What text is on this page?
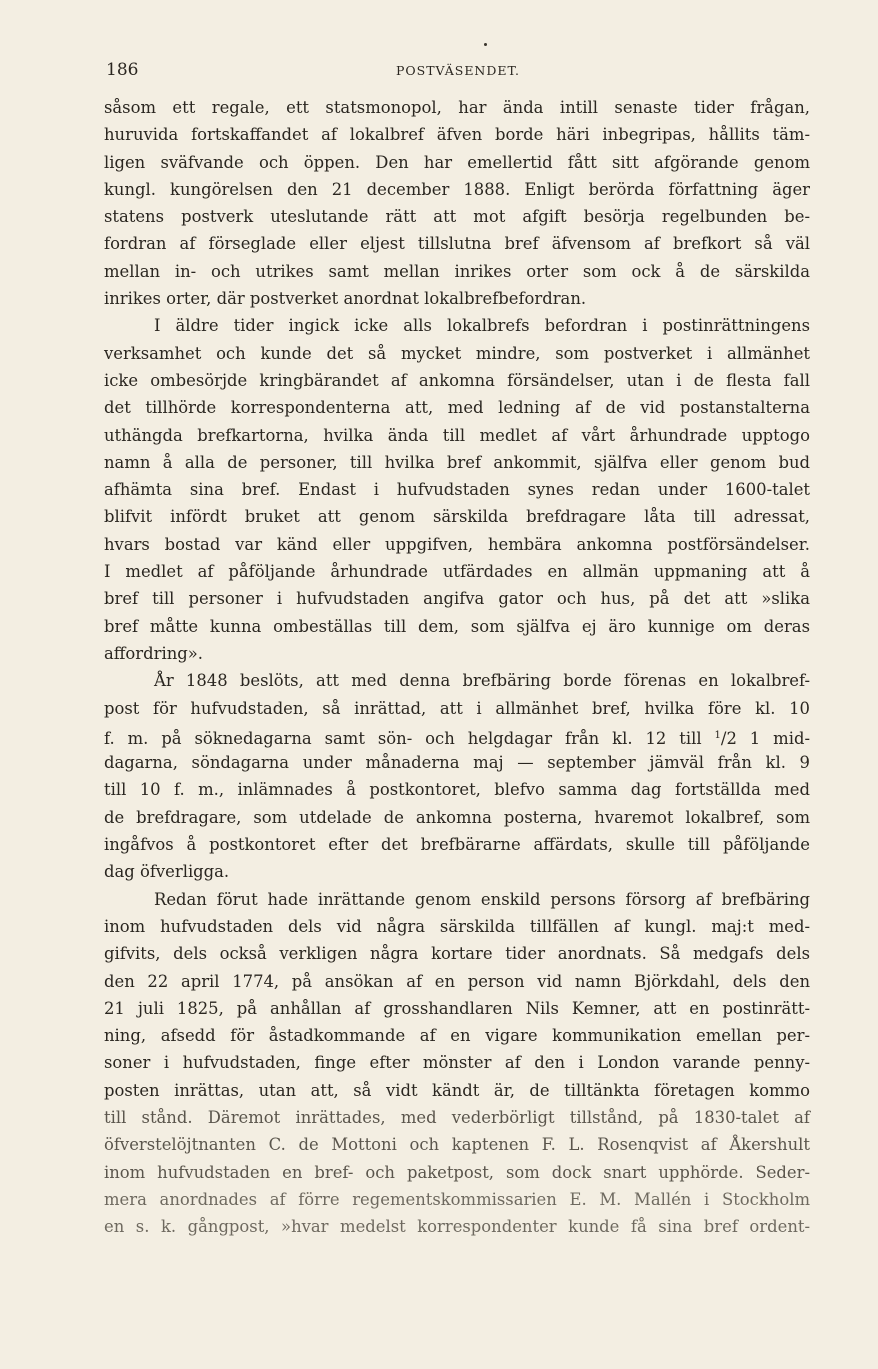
186	POSTVÄSENDET.
såsom ett regale, ett statsmonopol, har ända intill senaste tider frågan,
huruvida fortskaffandet af lokalbref äfven borde häri inbegripas, hållits täm-
ligen sväfvande och öppen. Den har emellertid fått sitt afgörande genom
kungl. kungörelsen den 21 december 1888. Enligt berörda författning äger
statens postverk uteslutande rätt att mot afgift besörja regelbunden be-
fordran af förseglade eller eljest tillslutna bref äfvensom af brefkort så väl
mellan in- och utrikes samt mellan inrikes orter som ock å de särskilda
inrikes orter, där postverket anordnat lokalbrefbefordran.
I äldre tider ingick icke alls lokalbrefs befordran i postinrättningens
verksamhet och kunde det så mycket mindre, som postverket i allmänhet
icke ombesörjde kringbärandet af ankomna försändelser, utan i de flesta fall
det tillhörde korrespondenterna att, med ledning af de vid postanstalterna
uthängda brefkartorna, hvilka ända till medlet af vårt århundrade upptogo
namn å alla de personer, till hvilka bref ankommit, själfva eller genom bud
afhämta sina bref. Endast i hufvudstaden synes redan under 1600-talet
blifvit infördt bruket att genom särskilda brefdragare låta till adressat,
hvars bostad var känd eller uppgifven, hembära ankomna postförsändelser.
I medlet af påföljande århundrade utfärdades en allmän uppmaning att å
bref till personer i hufvudstaden angifva gator och hus, på det att »slika
bref måtte kunna ombeställas till dem, som själfva ej äro kunnige om deras
affordring».
År 1848 beslöts, att med denna brefbäring borde förenas en lokalbref-
post för hufvudstaden, så inrättad, att i allmänhet bref, hvilka före kl. 10
f. m. på söknedagarna samt sön- och helgdagar från kl. 12 till $^1$/2 1 mid-
dagarna, söndagarna under månaderna maj — september jämväl från kl. 9
till 10 f. m., inlämnades å postkontoret, blefvo samma dag fortställda med
de brefdragare, som utdelade de ankomna posterna, hvaremot lokalbref, som
ingåfvos å postkontoret efter det brefbärarne affärdats, skulle till påföljande
dag öfverligga.
Redan förut hade inrättande genom enskild persons försorg af brefbäring
inom hufvudstaden dels vid några särskilda tillfällen af kungl. maj:t med-
gifvits, dels också verkligen några kortare tider anordnats. Så medgafs dels
den 22 april 1774, på ansökan af en person vid namn Björkdahl, dels den
21 juli 1825, på anhållan af grosshandlaren Nils Kemner, att en postinrätt-
ning, afsedd för åstadkommande af en vigare kommunikation emellan per-
soner i hufvudstaden, finge efter mönster af den i London varande penny-
posten inrättas, utan att, så vidt kändt är, de tilltänkta företagen kommo
till stånd. Däremot inrättades, med vederbörligt tillstånd, på 1830-talet af
öfverstelöjtnanten C. de Mottoni och kaptenen F. L. Rosenqvist af Åkershult
inom hufvudstaden en bref- och paketpost, som dock snart upphörde. Seder-
mera anordnades af förre regementskommissarien E. M. Mallén i Stockholm
en s. k. gångpost, »hvar medelst korrespondenter kunde få sina bref ordent-
